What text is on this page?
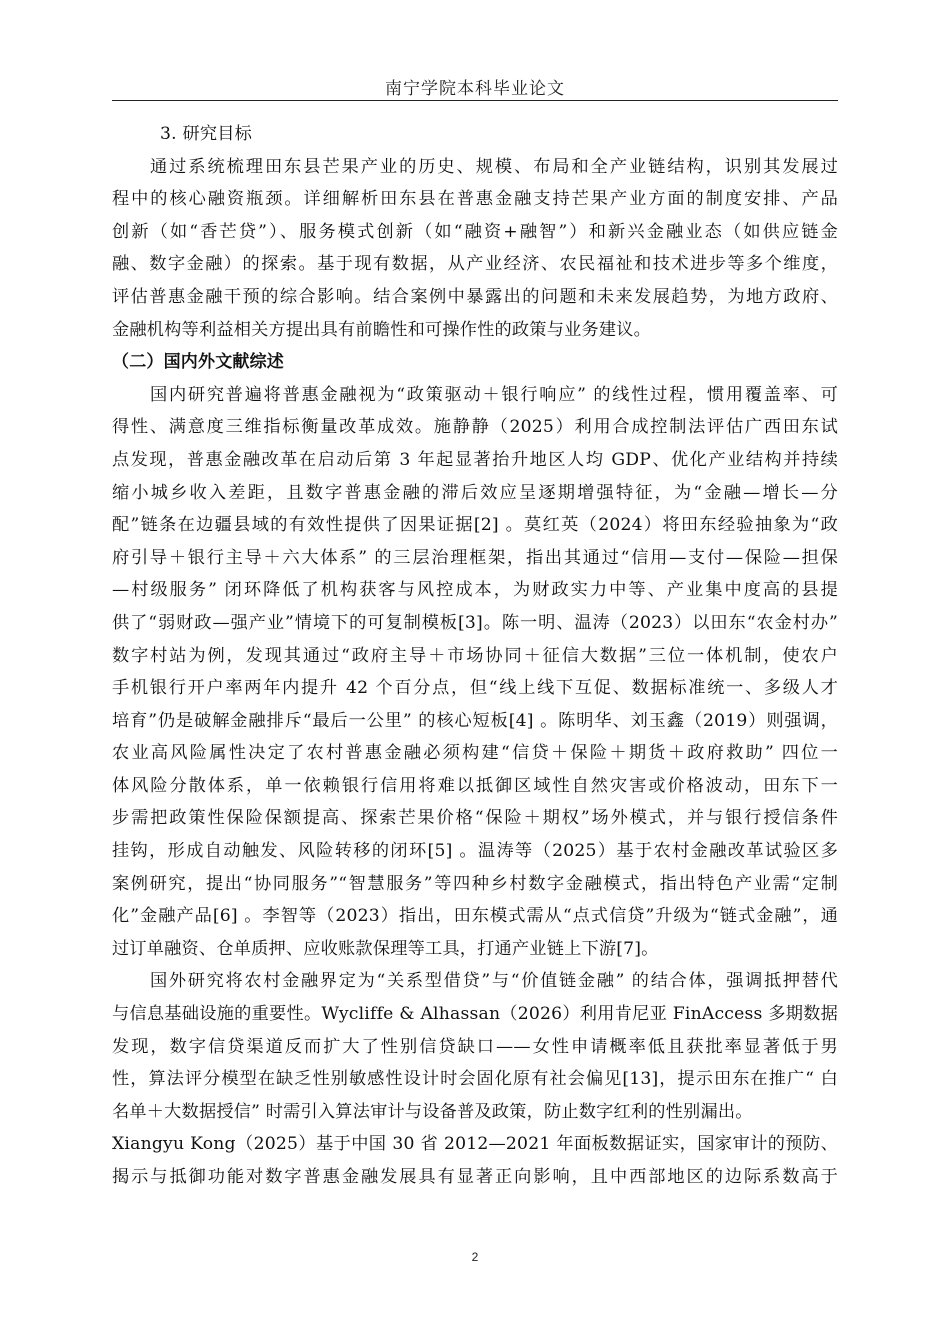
南宁学院本科毕业论文
3. 研究目标
通过系统梳理田东县芒果产业的历史、规模、布局和全产业链结构，识别其发展过
程中的核心融资瓶颈。详细解析田东县在普惠金融支持芒果产业方面的制度安排、产品
创新（如“香芒贷”）、服务模式创新（如“融资+融智”）和新兴金融业态（如供应链金
融、数字金融）的探索。基于现有数据，从产业经济、农民福祉和技术进步等多个维度，
评估普惠金融干预的综合影响。结合案例中暴露出的问题和未来发展趋势，为地方政府、
金融机构等利益相关方提出具有前瞻性和可操作性的政策与业务建议。
（二）国内外文献综述
国内研究普遍将普惠金融视为“政策驱动＋银行响应” 的线性过程，惯用覆盖率、可
得性、满意度三维指标衡量改革成效。施静静（2025）利用合成控制法评估广西田东试
点发现，普惠金融改革在启动后第 3 年起显著抬升地区人均 GDP、优化产业结构并持续
缩小城乡收入差距，且数字普惠金融的滞后效应呈逐期增强特征，为“金融—增长—分
配”链条在边疆县域的有效性提供了因果证据[2] 。莫红英（2024）将田东经验抽象为“政
府引导＋银行主导＋六大体系” 的三层治理框架，指出其通过“信用—支付—保险—担保
—村级服务” 闭环降低了机构获客与风控成本，为财政实力中等、产业集中度高的县提
供了“弱财政—强产业”情境下的可复制模板[3]。陈一明、温涛（2023）以田东“农金村办”
数字村站为例，发现其通过“政府主导＋市场协同＋征信大数据”三位一体机制，使农户
手机银行开户率两年内提升 42 个百分点，但“线上线下互促、数据标准统一、多级人才
培育”仍是破解金融排斥“最后一公里” 的核心短板[4] 。陈明华、刘玉鑫（2019）则强调，
农业高风险属性决定了农村普惠金融必须构建“信贷＋保险＋期货＋政府救助” 四位一
体风险分散体系，单一依赖银行信用将难以抵御区域性自然灾害或价格波动，田东下一
步需把政策性保险保额提高、探索芒果价格“保险＋期权”场外模式，并与银行授信条件
挂钩，形成自动触发、风险转移的闭环[5] 。温涛等（2025）基于农村金融改革试验区多
案例研究，提出“协同服务”“智慧服务”等四种乡村数字金融模式，指出特色产业需“定制
化”金融产品[6] 。李智等（2023）指出，田东模式需从“点式信贷”升级为“链式金融”，通
过订单融资、仓单质押、应收账款保理等工具，打通产业链上下游[7]。
国外研究将农村金融界定为“关系型借贷”与“价值链金融” 的结合体，强调抵押替代
与信息基础设施的重要性。Wycliffe & Alhassan（2026）利用肯尼亚 FinAccess 多期数据
发现，数字信贷渠道反而扩大了性别信贷缺口——女性申请概率低且获批率显著低于男
性，算法评分模型在缺乏性别敏感性设计时会固化原有社会偏见[13]，提示田东在推广“ 白
名单＋大数据授信” 时需引入算法审计与设备普及政策，防止数字红利的性别漏出。
Xiangyu Kong（2025）基于中国 30 省 2012—2021 年面板数据证实，国家审计的预防、
揭示与抵御功能对数字普惠金融发展具有显著正向影响，且中西部地区的边际系数高于
2
